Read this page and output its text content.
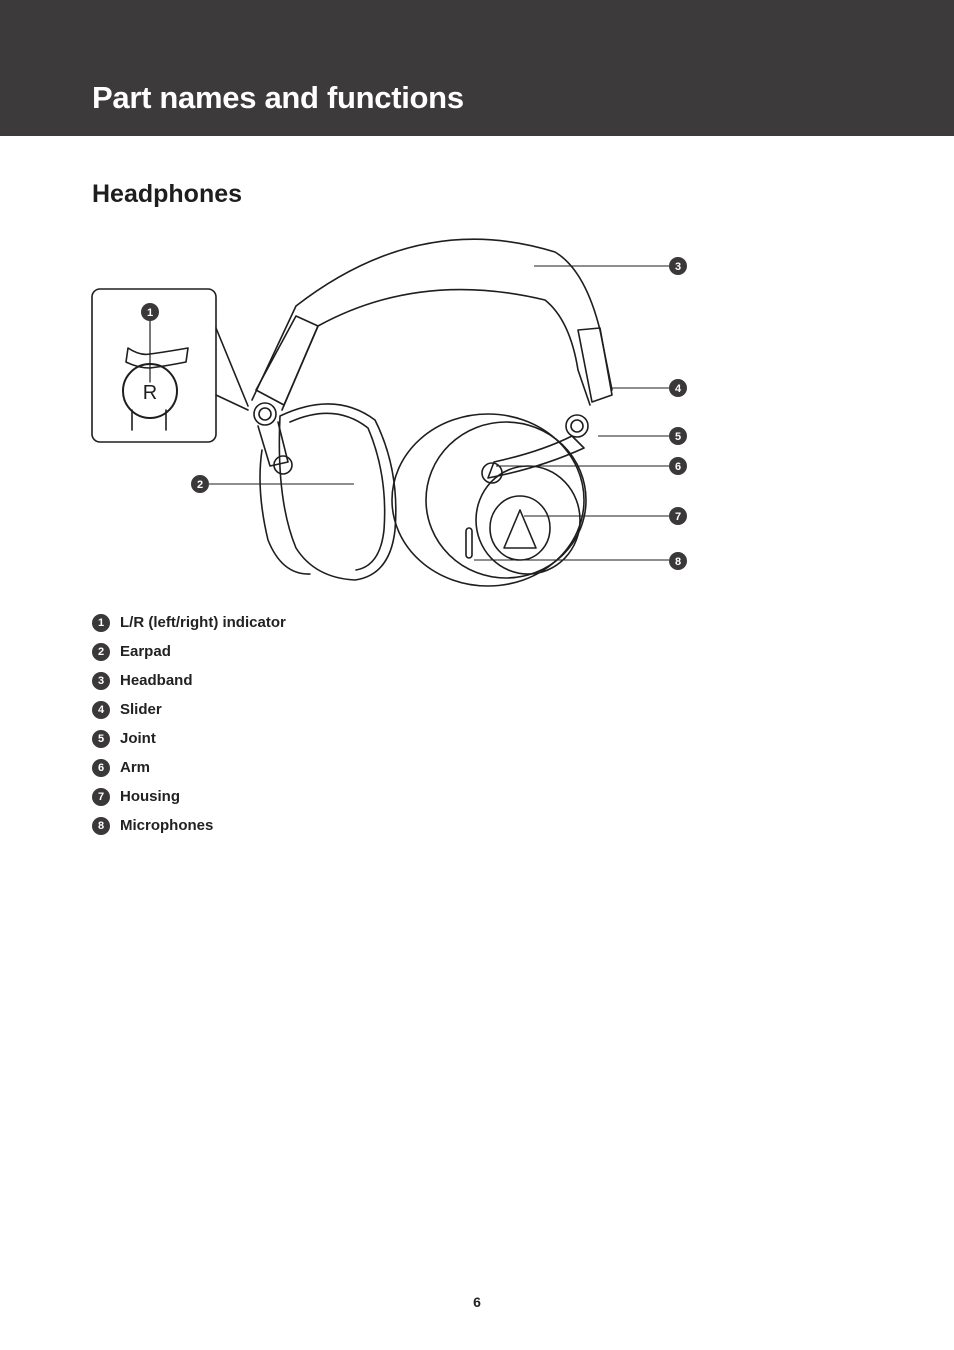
Part names and functions
Headphones
R
1
2
3
4
5
6
7
8
1	L/R (left/right) indicator
2	Earpad
3	Headband
4	Slider
5	Joint
6	Arm
7	Housing
8	Microphones
6
